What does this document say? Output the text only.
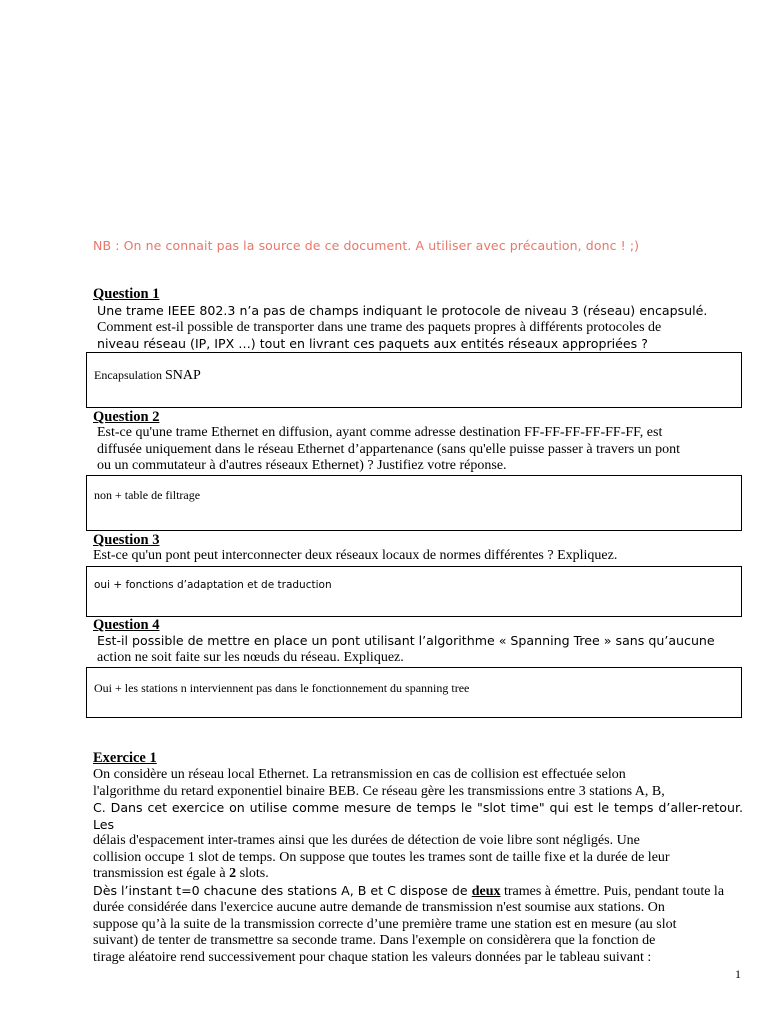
NB : On ne connait pas la source de ce document. A utiliser avec précaution, donc ! ;)
Question 1
Une trame IEEE 802.3 n’a pas de champs indiquant le protocole de niveau 3 (réseau) encapsulé.
Comment est-il possible de transporter dans une trame des paquets propres à différents protocoles de
niveau réseau (IP, IPX …) tout en livrant ces paquets aux entités réseaux appropriées ?
Encapsulation SNAP
Question 2
Est-ce qu'une trame Ethernet en diffusion, ayant comme adresse destination FF-FF-FF-FF-FF-FF, est
diffusée uniquement dans le réseau Ethernet d’appartenance (sans qu'elle puisse passer à travers un pont
ou un commutateur à d'autres réseaux Ethernet) ? Justifiez votre réponse.
non + table de filtrage
Question 3
Est-ce qu'un pont peut interconnecter deux réseaux locaux de normes différentes ? Expliquez.
oui + fonctions d’adaptation et de traduction
Question 4
Est-il possible de mettre en place un pont utilisant l’algorithme « Spanning Tree » sans qu’aucune
action ne soit faite sur les nœuds du réseau. Expliquez.
Oui + les stations n interviennent pas dans le fonctionnement du spanning tree
Exercice 1
On considère un réseau local Ethernet. La retransmission en cas de collision est effectuée selon
l'algorithme du retard exponentiel binaire BEB. Ce réseau gère les transmissions entre 3 stations A, B,
C. Dans cet exercice on utilise comme mesure de temps le "slot time" qui est le temps d’aller-retour. Les
délais d'espacement inter-trames ainsi que les durées de détection de voie libre sont négligés. Une
collision occupe 1 slot de temps. On suppose que toutes les trames sont de taille fixe et la durée de leur
transmission est égale à 2 slots.
Dès l’instant t=0 chacune des stations A, B et C dispose de deux trames à émettre. Puis, pendant toute la
durée considérée dans l'exercice aucune autre demande de transmission n'est soumise aux stations. On
suppose qu’à la suite de la transmission correcte d’une première trame une station est en mesure (au slot
suivant) de tenter de transmettre sa seconde trame. Dans l'exemple on considèrera que la fonction de
tirage aléatoire rend successivement pour chaque station les valeurs données par le tableau suivant :
1
